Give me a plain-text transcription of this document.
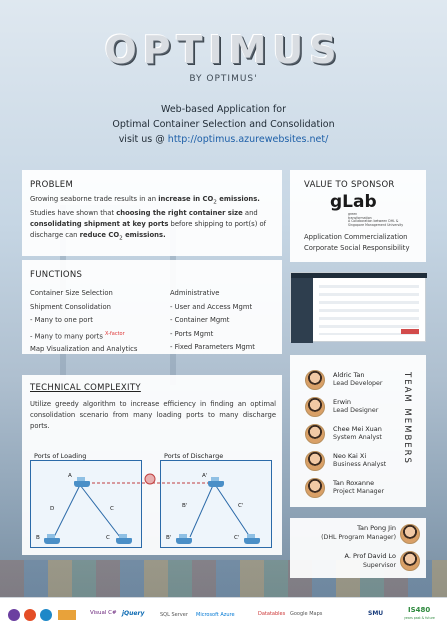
OPTIMUS
BY OPTIMUS'
Web-based Application for
Optimal Container Selection and Consolidation
visit us @ http://optimus.azurewebsites.net/
PROBLEM
Growing seaborne trade results in an increase in $CO_2$ emissions.
Studies have shown that choosing the right container size and
consolidating shipment at key ports before shipping to port(s) of
discharge can reduce $CO_2$ emissions.
FUNCTIONS
Container Size Selection
Shipment Consolidation
- Many to one port
- Many to many ports $^{X-factor}$
Map Visualization and Analytics
Administrative
- User and Access Mgmt
- Container Mgmt
- Ports Mgmt
- Fixed Parameters Mgmt
TECHNICAL COMPLEXITY
Utilize greedy algorithm to increase efficiency in finding an optimal consolidation scenario from many loading ports to many discharge ports.
Ports of Loading	Ports of Discharge
A
D	C
B	C
A'
B'	C'
B'	C'
VALUE TO SPONSOR
gLab
green
transformation
A Collaboration between DHL &
Singapore Management University
Application Commercialization
Corporate Social Responsibility
TEAM MEMBERS
Aldric Tan
Lead Developer
Erwin
Lead Designer
Chee Mei Xuan
System Analyst
Neo Kai Xi
Business Analyst
Tan Roxanne
Project Manager
Tan Pong Jin
(DHL Program Manager)
A. Prof David Lo
Supervisor
jQuery
Visual C#	SQL Server Microsoft Azure	Datatables Google Maps	SMU	IS480
years past & future
